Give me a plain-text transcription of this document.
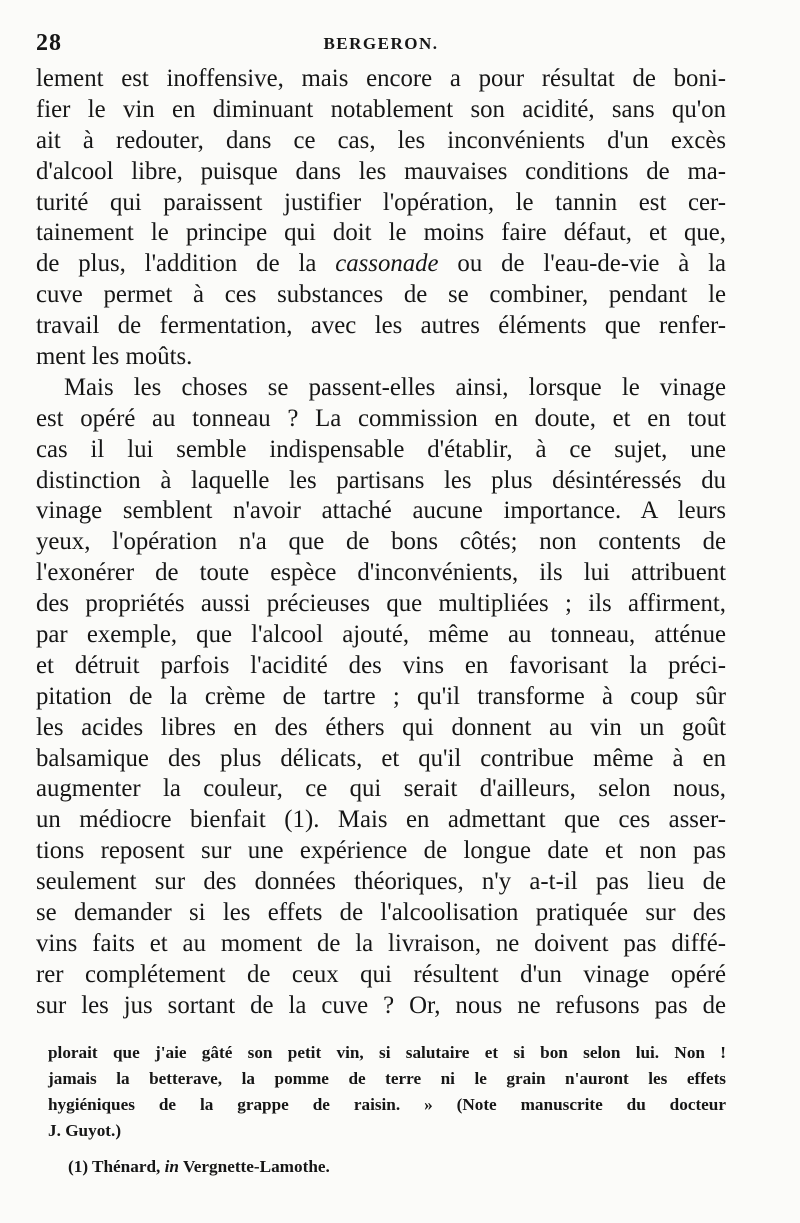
28	BERGERON.
lement est inoffensive, mais encore a pour résultat de boni-
fier le vin en diminuant notablement son acidité, sans qu'on
ait à redouter, dans ce cas, les inconvénients d'un excès
d'alcool libre, puisque dans les mauvaises conditions de ma-
turité qui paraissent justifier l'opération, le tannin est cer-
tainement le principe qui doit le moins faire défaut, et que,
de plus, l'addition de la cassonade ou de l'eau-de-vie à la
cuve permet à ces substances de se combiner, pendant le
travail de fermentation, avec les autres éléments que renfer-
ment les moûts.
Mais les choses se passent-elles ainsi, lorsque le vinage
est opéré au tonneau ? La commission en doute, et en tout
cas il lui semble indispensable d'établir, à ce sujet, une
distinction à laquelle les partisans les plus désintéressés du
vinage semblent n'avoir attaché aucune importance. A leurs
yeux, l'opération n'a que de bons côtés; non contents de
l'exonérer de toute espèce d'inconvénients, ils lui attribuent
des propriétés aussi précieuses que multipliées ; ils affirment,
par exemple, que l'alcool ajouté, même au tonneau, atténue
et détruit parfois l'acidité des vins en favorisant la préci-
pitation de la crème de tartre ; qu'il transforme à coup sûr
les acides libres en des éthers qui donnent au vin un goût
balsamique des plus délicats, et qu'il contribue même à en
augmenter la couleur, ce qui serait d'ailleurs, selon nous,
un médiocre bienfait (1). Mais en admettant que ces asser-
tions reposent sur une expérience de longue date et non pas
seulement sur des données théoriques, n'y a-t-il pas lieu de
se demander si les effets de l'alcoolisation pratiquée sur des
vins faits et au moment de la livraison, ne doivent pas diffé-
rer complétement de ceux qui résultent d'un vinage opéré
sur les jus sortant de la cuve ? Or, nous ne refusons pas de
plorait que j'aie gâté son petit vin, si salutaire et si bon selon lui. Non !
jamais la betterave, la pomme de terre ni le grain n'auront les effets
hygiéniques de la grappe de raisin. » (Note manuscrite du docteur
J. Guyot.)
(1) Thénard, in Vergnette-Lamothe.
